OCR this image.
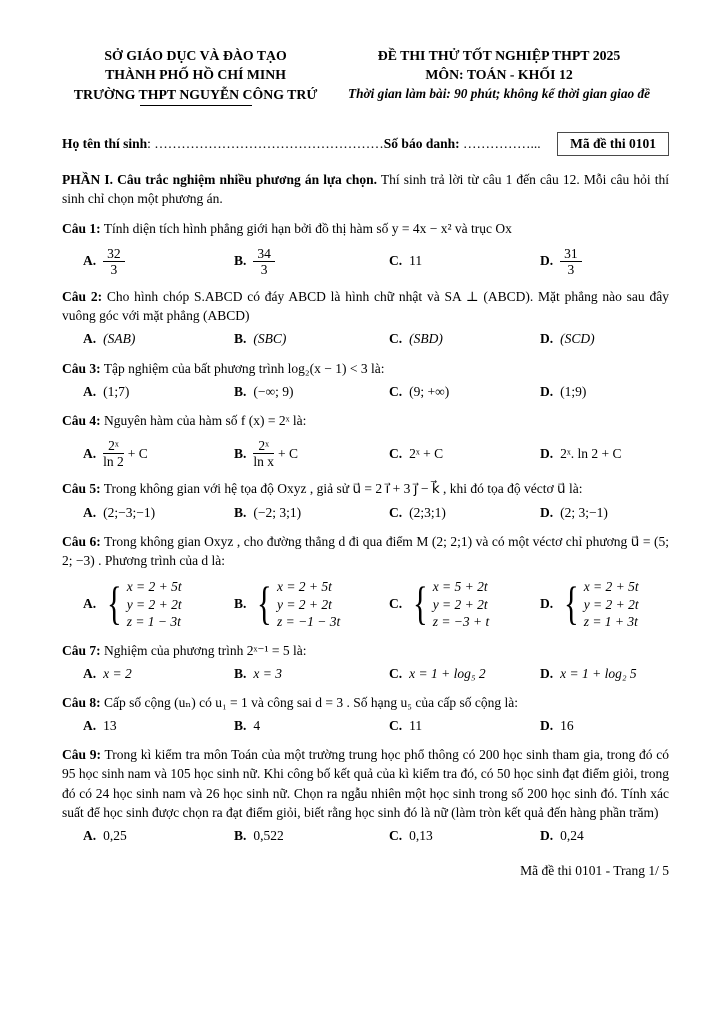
SỞ GIÁO DỤC VÀ ĐÀO TẠO
THÀNH PHỐ HỒ CHÍ MINH
TRƯỜNG THPT NGUYỄN CÔNG TRỨ
ĐỀ THI THỬ TỐT NGHIỆP THPT 2025
MÔN: TOÁN - KHỐI 12
Thời gian làm bài: 90 phút; không kể thời gian giao đề
Họ tên thí sinh: ……………………………………………Số báo danh: ……………...	Mã đề thi 0101

PHẦN I. Câu trắc nghiệm nhiều phương án lựa chọn. Thí sinh trả lời từ câu 1 đến câu 12. Mỗi câu hỏi thí sinh chỉ chọn một phương án.

Câu 1: Tính diện tích hình phẳng giới hạn bởi đồ thị hàm số y = 4x − x² và trục Ox

A. $\frac{32}{3}$	B. $\frac{34}{3}$	C. 11	D. $\frac{31}{3}$

Câu 2: Cho hình chóp S.ABCD có đáy ABCD là hình chữ nhật và SA ⊥ (ABCD). Mặt phẳng nào sau đây vuông góc với mặt phẳng (ABCD)

A. (SAB)	B. (SBC)	C. (SBD)	D. (SCD)

Câu 3: Tập nghiệm của bất phương trình log₂(x − 1) < 3 là:

A. (1;7)	B. (−∞; 9)	C. (9; +∞)	D. (1;9)

Câu 4: Nguyên hàm của hàm số f (x) = 2ˣ là:

A. $\frac{\text{2ˣ}}{\ln 2} + C$	B. $\frac{\text{2ˣ}}{\text{ln x}} + C$	C. 2ˣ + C	D. 2ˣ. ln 2 + C

Câu 5: Trong không gian với hệ tọa độ Oxyz , giả sử u⃗ = 2 i⃗ + 3 j⃗ − k⃗ , khi đó tọa độ véctơ u⃗ là:

A. (2;−3;−1)	B. (−2; 3;1)	C. (2;3;1)	D. (2; 3;−1)

Câu 6: Trong không gian Oxyz , cho đường thẳng d đi qua điểm M (2; 2;1) và có một véctơ chỉ phương u⃗ = (5; 2; −3) . Phương trình của d là:

A. { x = 2 + 5t
y = 2 + 2t
z = 1 − 3t
B. { x = 2 + 5t
y = 2 + 2t
z = −1 − 3t
C. { x = 5 + 2t
y = 2 + 2t
z = −3 + t
D. { x = 2 + 5t
y = 2 + 2t
z = 1 + 3t

Câu 7: Nghiệm của phương trình 2ˣ⁻¹ = 5 là:

A. x = 2	B. x = 3	C. x = 1 + log₅ 2	D. x = 1 + log₂ 5

Câu 8: Cấp số cộng (uₙ) có u₁ = 1 và công sai d = 3 . Số hạng u₅ của cấp số cộng là:

A. 13	B. 4	C. 11	D. 16

Câu 9: Trong kì kiểm tra môn Toán của một trường trung học phổ thông có 200 học sinh tham gia, trong đó có 95 học sinh nam và 105 học sinh nữ. Khi công bố kết quả của kì kiểm tra đó, có 50 học sinh đạt điểm giỏi, trong đó có 24 học sinh nam và 26 học sinh nữ. Chọn ra ngẫu nhiên một học sinh trong số 200 học sinh đó. Tính xác suất để học sinh được chọn ra đạt điểm giỏi, biết rằng học sinh đó là nữ (làm tròn kết quả đến hàng phần trăm)

A. 0,25	B. 0,522	C. 0,13	D. 0,24
Mã đề thi 0101 - Trang 1/ 5
